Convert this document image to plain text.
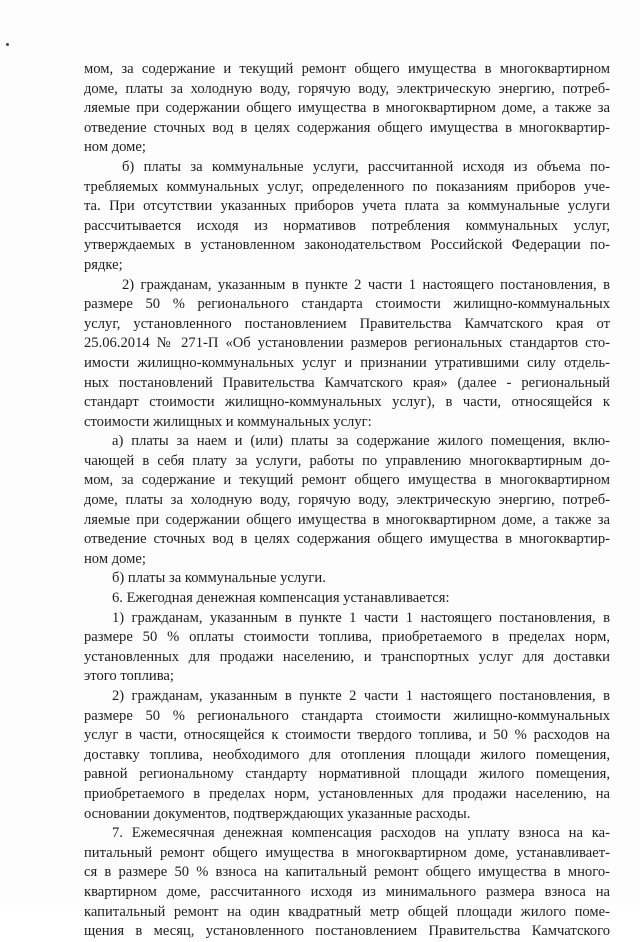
мом, за содержание и текущий ремонт общего имущества в многоквартирном
доме, платы за холодную воду, горячую воду, электрическую энергию, потреб-
ляемые при содержании общего имущества в многоквартирном доме, а также за
отведение сточных вод в целях содержания общего имущества в многоквартир-
ном доме;
б) платы за коммунальные услуги, рассчитанной исходя из объема по-
требляемых коммунальных услуг, определенного по показаниям приборов уче-
та. При отсутствии указанных приборов учета плата за коммунальные услуги
рассчитывается исходя из нормативов потребления коммунальных услуг,
утверждаемых в установленном законодательством Российской Федерации по-
рядке;
2) гражданам, указанным в пункте 2 части 1 настоящего постановления, в
размере 50 % регионального стандарта стоимости жилищно-коммунальных
услуг, установленного постановлением Правительства Камчатского края от
25.06.2014 № 271-П «Об установлении размеров региональных стандартов сто-
имости жилищно-коммунальных услуг и признании утратившими силу отдель-
ных постановлений Правительства Камчатского края» (далее - региональный
стандарт стоимости жилищно-коммунальных услуг), в части, относящейся к
стоимости жилищных и коммунальных услуг:
а) платы за наем и (или) платы за содержание жилого помещения, вклю-
чающей в себя плату за услуги, работы по управлению многоквартирным до-
мом, за содержание и текущий ремонт общего имущества в многоквартирном
доме, платы за холодную воду, горячую воду, электрическую энергию, потреб-
ляемые при содержании общего имущества в многоквартирном доме, а также за
отведение сточных вод в целях содержания общего имущества в многоквартир-
ном доме;
б) платы за коммунальные услуги.
6. Ежегодная денежная компенсация устанавливается:
1) гражданам, указанным в пункте 1 части 1 настоящего постановления, в
размере 50 % оплаты стоимости топлива, приобретаемого в пределах норм,
установленных для продажи населению, и транспортных услуг для доставки
этого топлива;
2) гражданам, указанным в пункте 2 части 1 настоящего постановления, в
размере 50 % регионального стандарта стоимости жилищно-коммунальных
услуг в части, относящейся к стоимости твердого топлива, и 50 % расходов на
доставку топлива, необходимого для отопления площади жилого помещения,
равной региональному стандарту нормативной площади жилого помещения,
приобретаемого в пределах норм, установленных для продажи населению, на
основании документов, подтверждающих указанные расходы.
7. Ежемесячная денежная компенсация расходов на уплату взноса на ка-
питальный ремонт общего имущества в многоквартирном доме, устанавливает-
ся в размере 50 % взноса на капитальный ремонт общего имущества в много-
квартирном доме, рассчитанного исходя из минимального размера взноса на
капитальный ремонт на один квадратный метр общей площади жилого поме-
щения в месяц, установленного постановлением Правительства Камчатского
